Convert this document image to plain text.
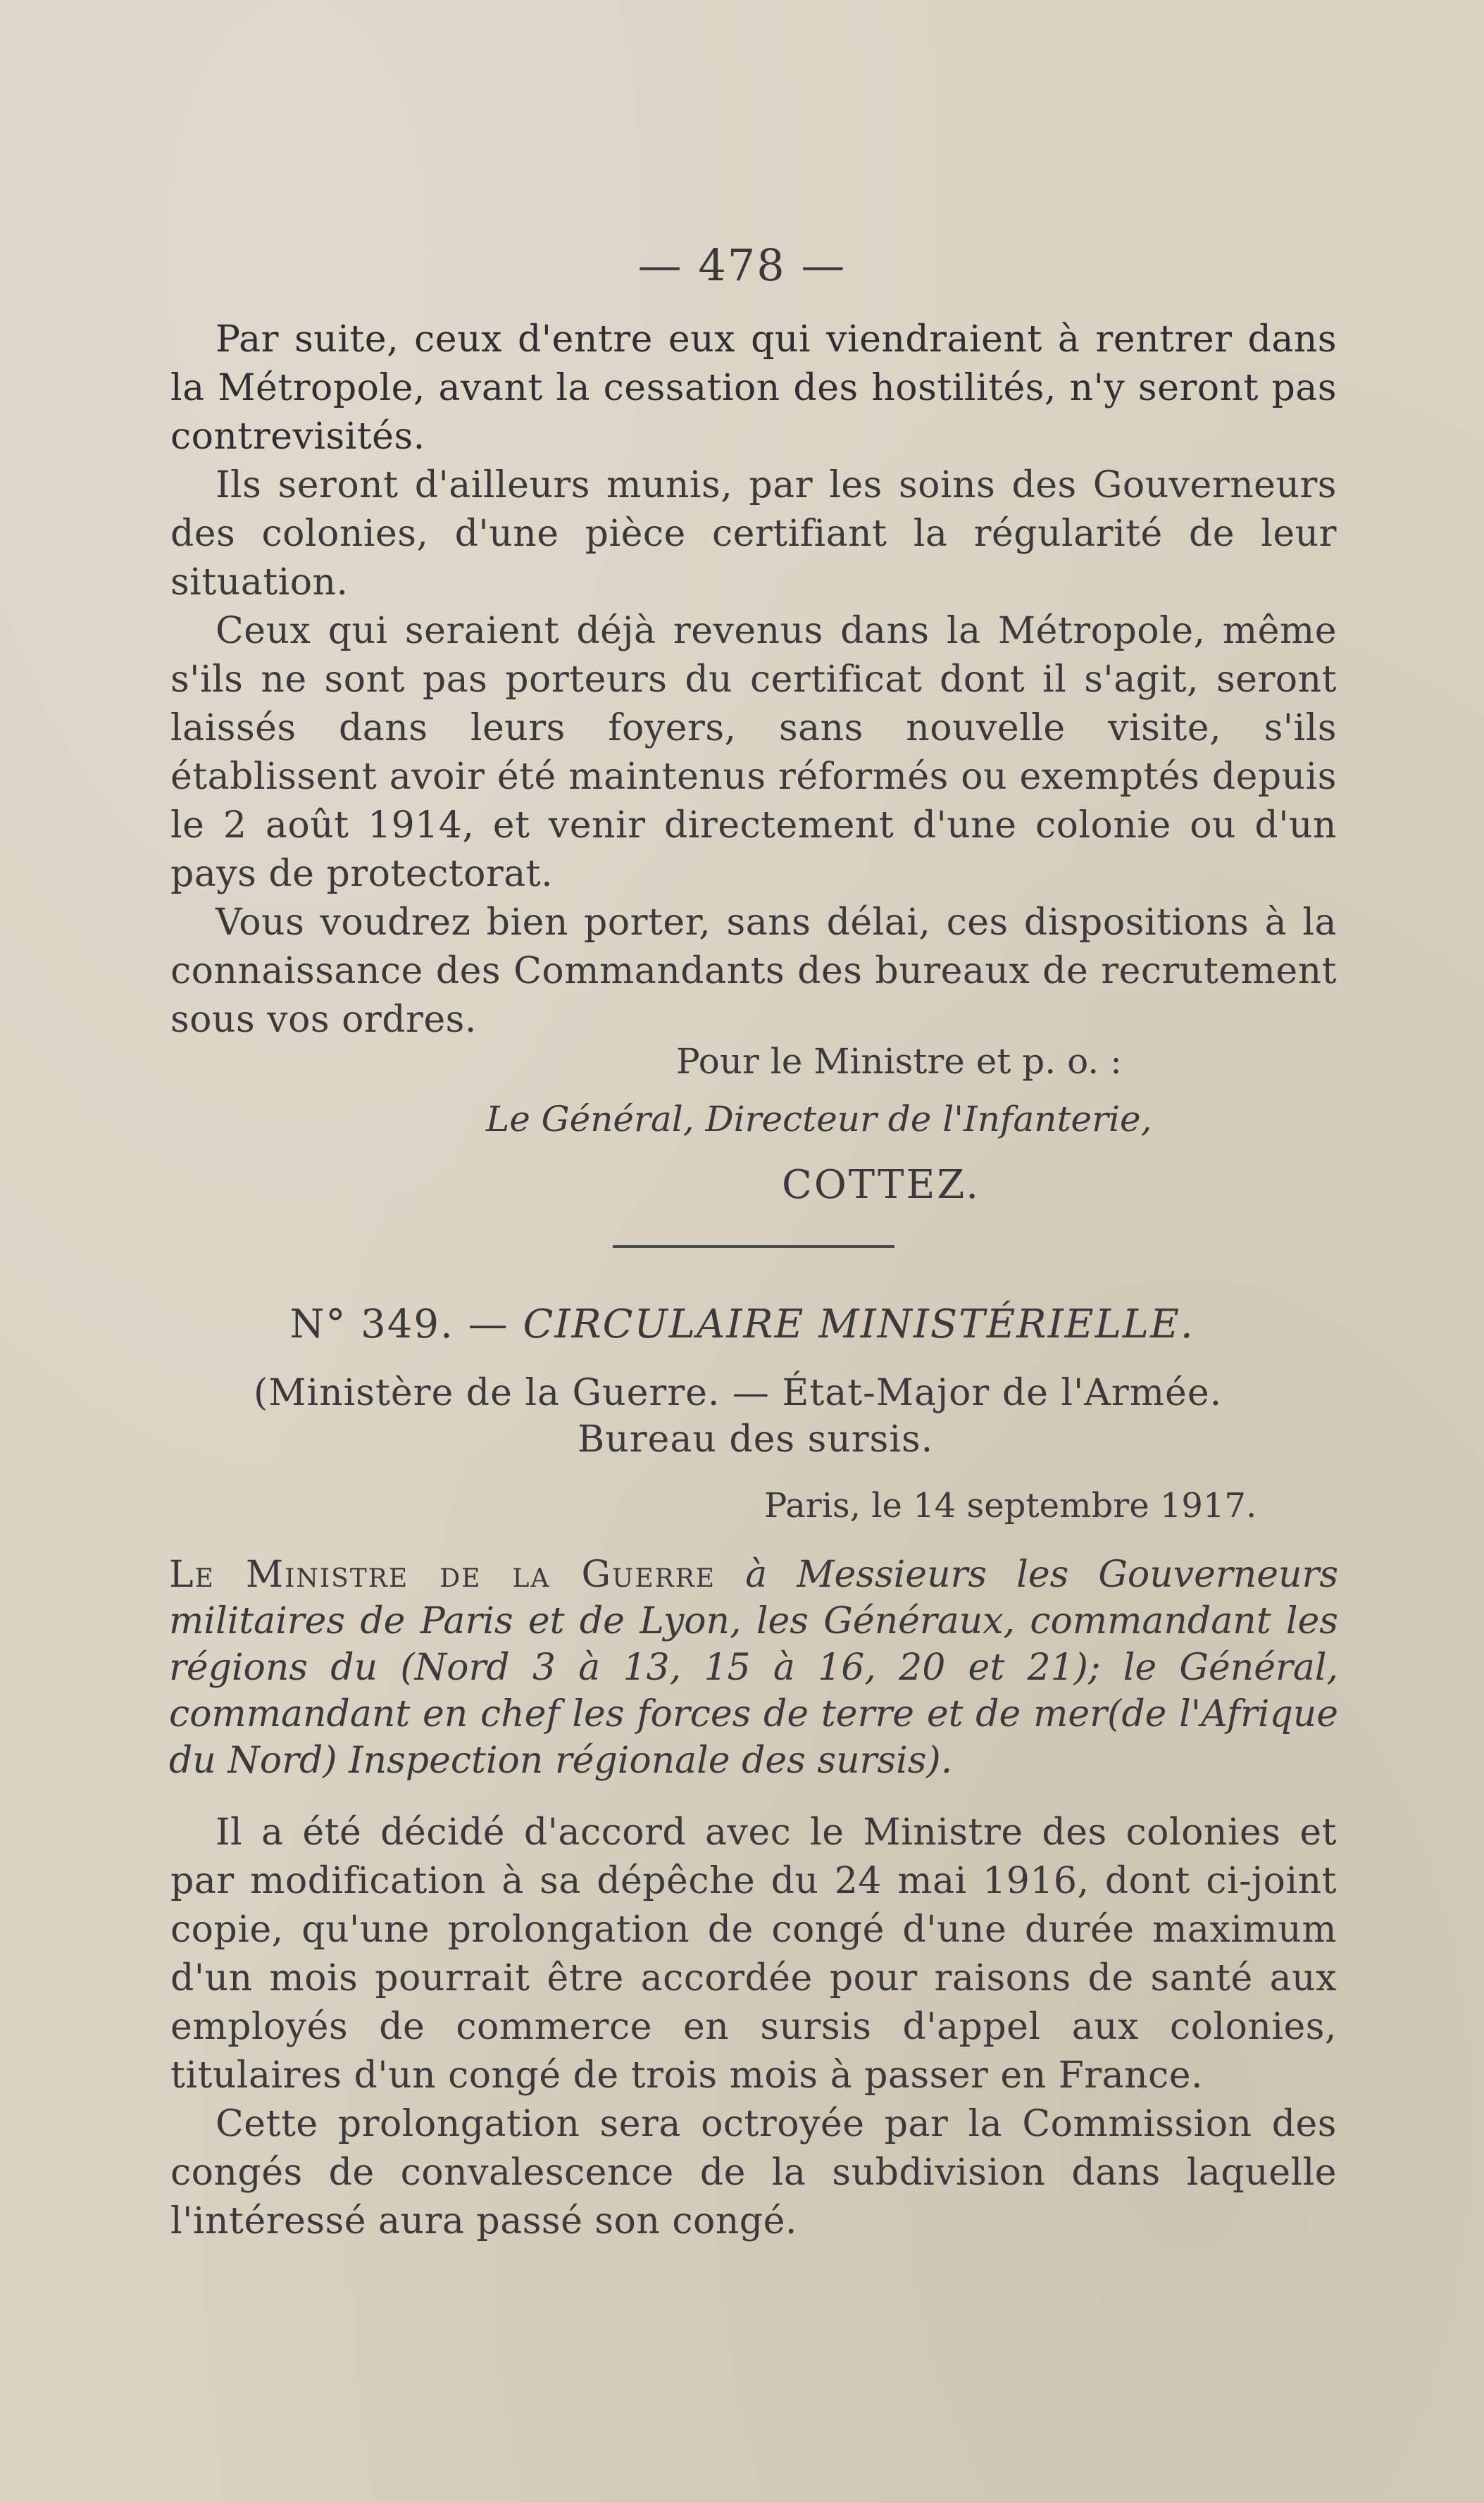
— 478 —

Par suite, ceux d'entre eux qui viendraient à rentrer dans la Métropole, avant la cessation des hostilités, n'y seront pas contrevisités.

Ils seront d'ailleurs munis, par les soins des Gouverneurs des colonies, d'une pièce certifiant la régularité de leur situation.

Ceux qui seraient déjà revenus dans la Métropole, même s'ils ne sont pas porteurs du certificat dont il s'agit, seront laissés dans leurs foyers, sans nouvelle visite, s'ils établissent avoir été maintenus réformés ou exemptés depuis le 2 août 1914, et venir directement d'une colonie ou d'un pays de protectorat.

Vous voudrez bien porter, sans délai, ces dispositions à la connaissance des Commandants des bureaux de recrutement sous vos ordres.

Pour le Ministre et p. o. :
Le Général, Directeur de l'Infanterie,
COTTEZ.
N° 349. — CIRCULAIRE MINISTÉRIELLE.
(Ministère de la Guerre. — État-Major de l'Armée.
Bureau des sursis.
Paris, le 14 septembre 1917.
Le Ministre de la Guerre à Messieurs les Gouverneurs militaires de Paris et de Lyon, les Généraux, commandant les régions du (Nord 3 à 13, 15 à 16, 20 et 21); le Général, commandant en chef les forces de terre et de mer(de l'Afrique du Nord) Inspection régionale des sursis).

Il a été décidé d'accord avec le Ministre des colonies et par modification à sa dépêche du 24 mai 1916, dont ci-joint copie, qu'une prolongation de congé d'une durée maximum d'un mois pourrait être accordée pour raisons de santé aux employés de commerce en sursis d'appel aux colonies, titulaires d'un congé de trois mois à passer en France.

Cette prolongation sera octroyée par la Commission des congés de convalescence de la subdivision dans laquelle l'intéressé aura passé son congé.
